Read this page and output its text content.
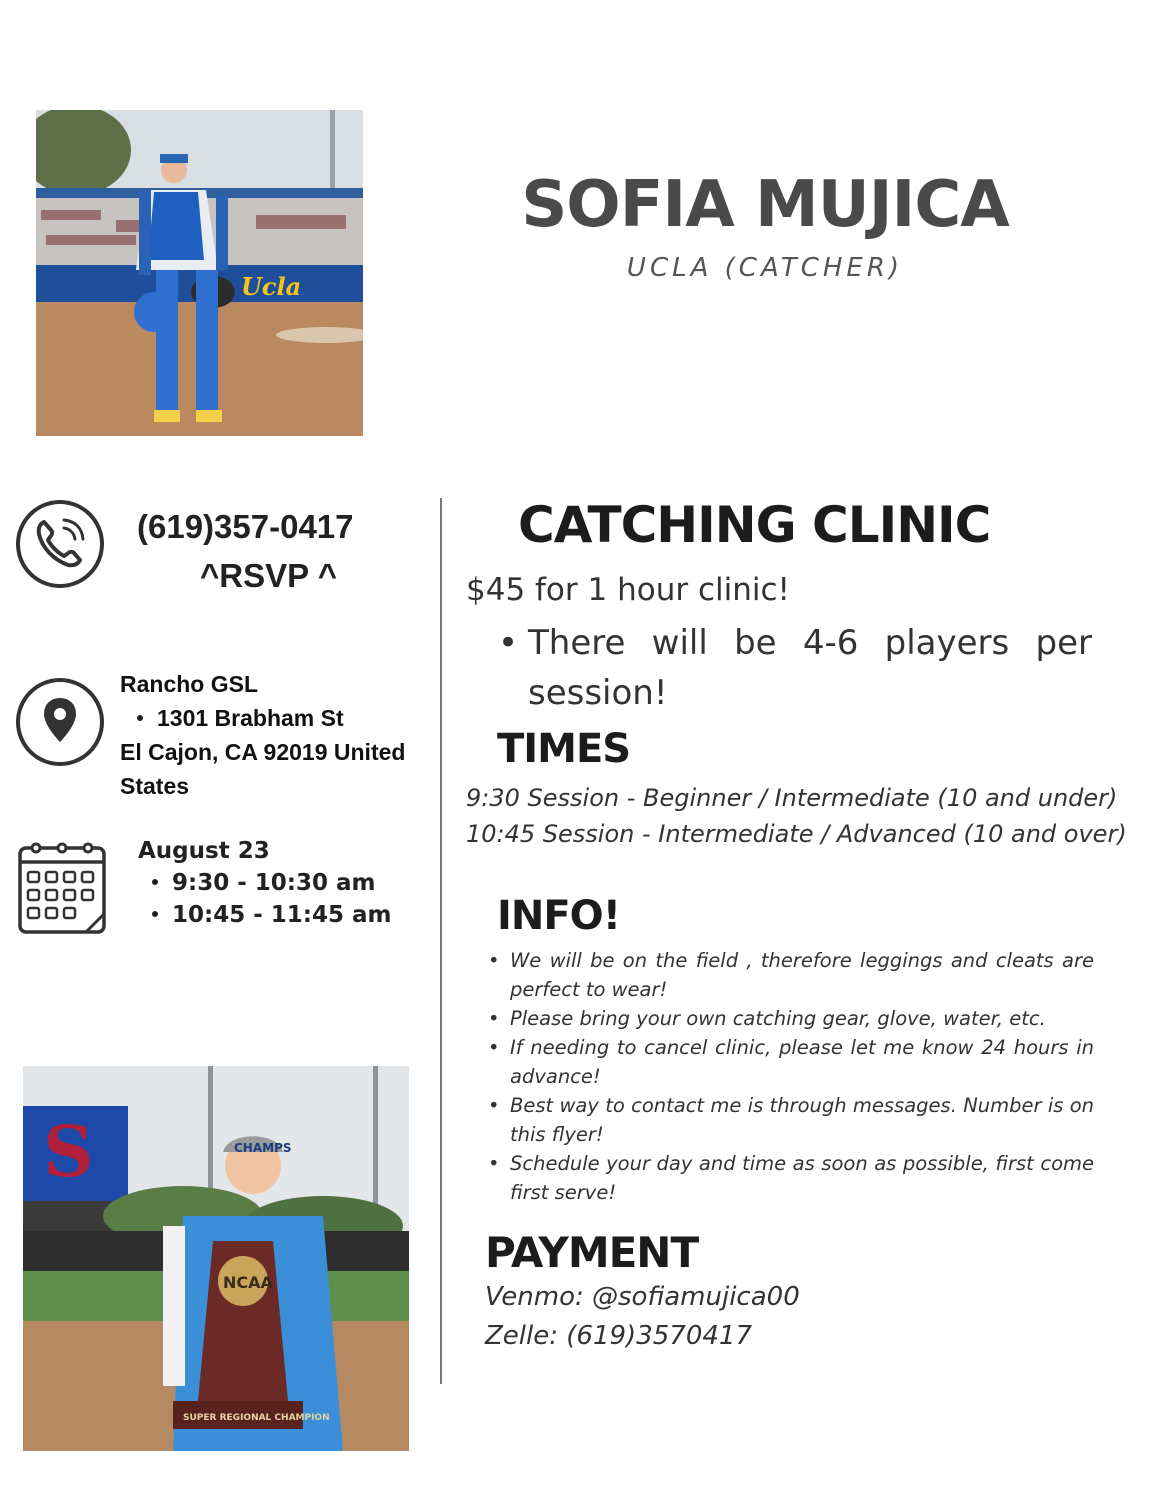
Ucla
SOFIA MUJICA
UCLA (CATCHER)
(619)357-0417
^RSVP ^
Rancho GSL
1301 Brabham St
El Cajon, CA 92019 United States
August 23
9:30 - 10:30 am
10:45 - 11:45 am
S	CHAMPS
NCAA
SUPER REGIONAL CHAMPION
CATCHING CLINIC
$45 for 1 hour clinic!
• There will be 4-6 players per session!
TIMES
9:30 Session - Beginner / Intermediate (10 and under)
10:45 Session - Intermediate / Advanced (10 and over)
INFO!
• We will be on the field , therefore leggings and cleats are perfect to wear!
• Please bring your own catching gear, glove, water, etc.
• If needing to cancel clinic, please let me know 24 hours in advance!
• Best way to contact me is through messages. Number is on this flyer!
• Schedule your day and time as soon as possible, first come first serve!
PAYMENT
Venmo: @sofiamujica00
Zelle: (619)3570417
